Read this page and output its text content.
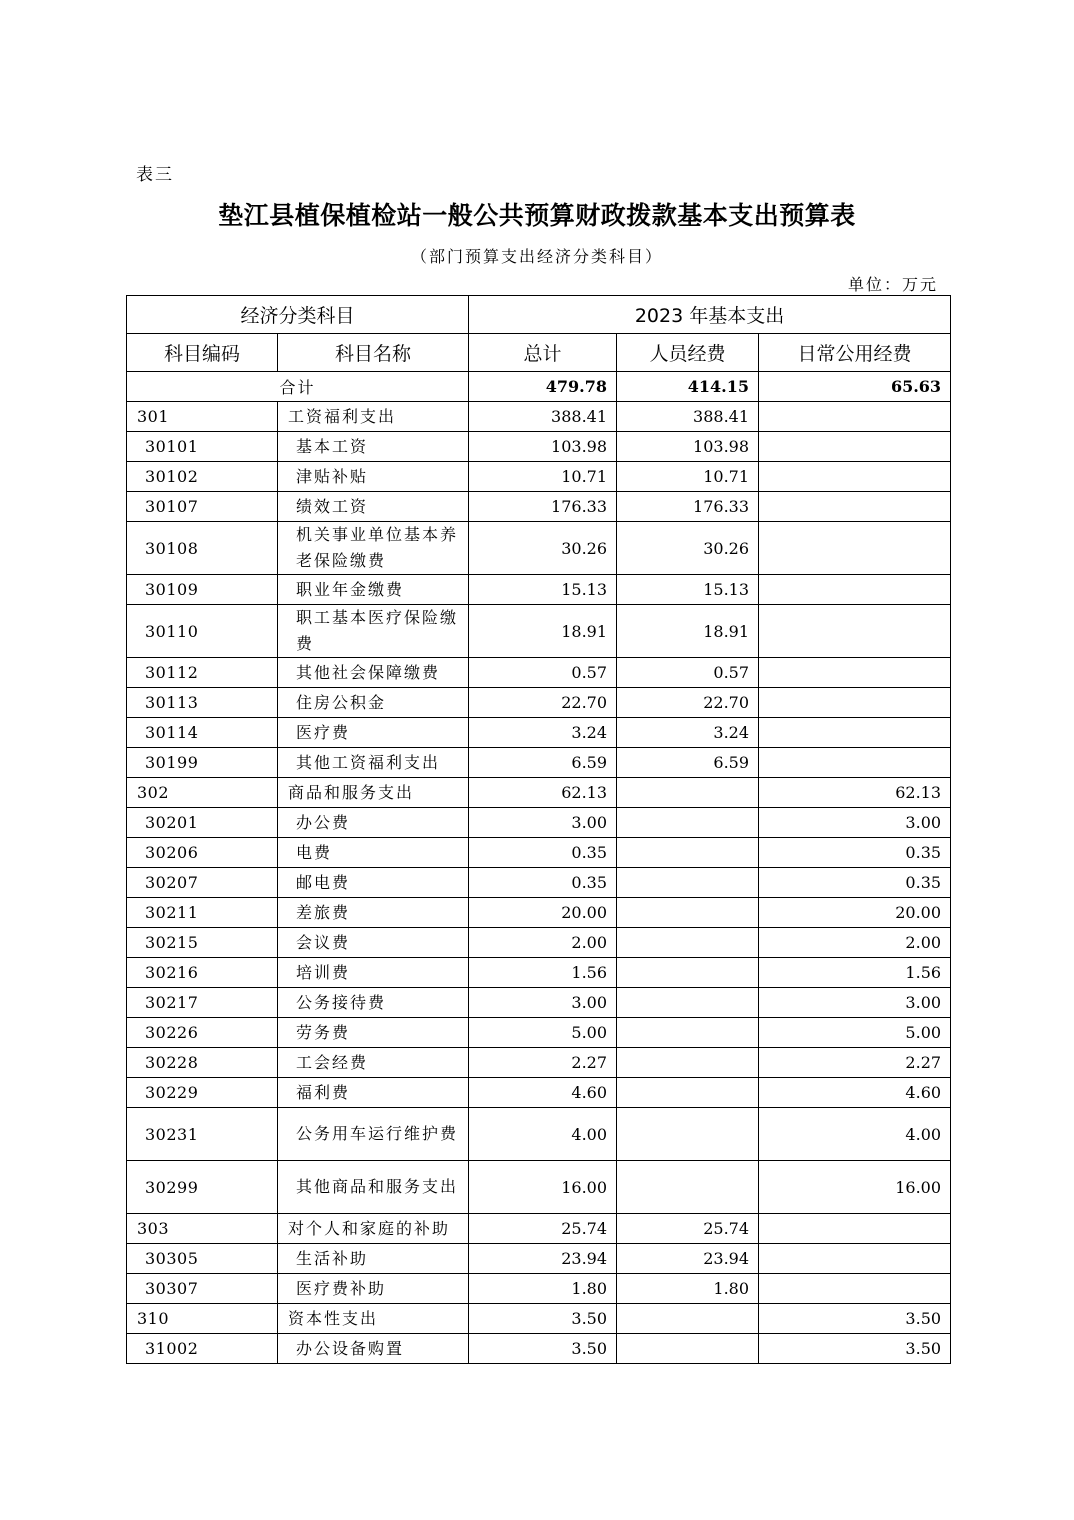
表三
垫江县植保植检站一般公共预算财政拨款基本支出预算表
（部门预算支出经济分类科目）
单位：万元
经济分类科目		2023 年基本支出		
科目编码	科目名称	总计	人员经费	日常公用经费
合计		479.78	414.15	65.63
301	工资福利支出	388.41	388.41	
30101	基本工资	103.98	103.98	
30102	津贴补贴	10.71	10.71	
30107	绩效工资	176.33	176.33	
30108	机关事业单位基本养老保险缴费	30.26	30.26	
30109	职业年金缴费	15.13	15.13	
30110	职工基本医疗保险缴费	18.91	18.91	
30112	其他社会保障缴费	0.57	0.57	
30113	住房公积金	22.70	22.70	
30114	医疗费	3.24	3.24	
30199	其他工资福利支出	6.59	6.59	
302	商品和服务支出	62.13		62.13
30201	办公费	3.00		3.00
30206	电费	0.35		0.35
30207	邮电费	0.35		0.35
30211	差旅费	20.00		20.00
30215	会议费	2.00		2.00
30216	培训费	1.56		1.56
30217	公务接待费	3.00		3.00
30226	劳务费	5.00		5.00
30228	工会经费	2.27		2.27
30229	福利费	4.60		4.60
30231	公务用车运行维护费	4.00		4.00
30299	其他商品和服务支出	16.00		16.00
303	对个人和家庭的补助	25.74	25.74	
30305	生活补助	23.94	23.94	
30307	医疗费补助	1.80	1.80	
310	资本性支出	3.50		3.50
31002	办公设备购置	3.50		3.50
